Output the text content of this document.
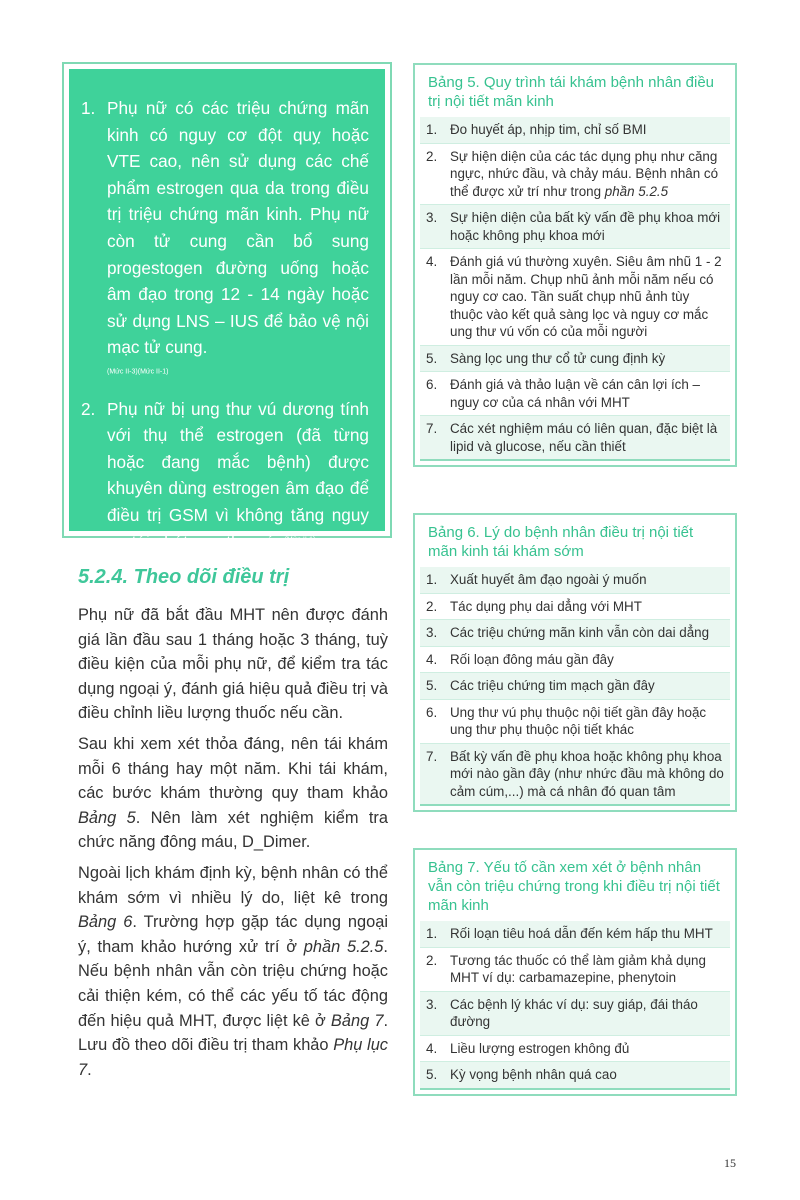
1. Phụ nữ có các triệu chứng mãn kinh có nguy cơ đột quỵ hoặc VTE cao, nên sử dụng các chế phẩm estrogen qua da trong điều trị triệu chứng mãn kinh. Phụ nữ còn tử cung cần bổ sung progestogen đường uống hoặc âm đạo trong 12 - 14 ngày hoặc sử dụng LNS – IUS để bảo vệ nội mạc tử cung.
$^{(Mức II-3)(Mức II-1)}$
2. Phụ nữ bị ung thư vú dương tính với thụ thể estrogen (đã từng hoặc đang mắc bệnh) được khuyên dùng estrogen âm đạo để điều trị GSM vì không tăng nguy cơ tái phát ung thư vú. $^{(Mức II-1)}$
5.2.4. Theo dõi điều trị

Phụ nữ đã bắt đầu MHT nên được đánh giá lần đầu sau 1 tháng hoặc 3 tháng, tuỳ điều kiện của mỗi phụ nữ, để kiểm tra tác dụng ngoại ý, đánh giá hiệu quả điều trị và điều chỉnh liều lượng thuốc nếu cần.

Sau khi xem xét thỏa đáng, nên tái khám mỗi 6 tháng hay một năm. Khi tái khám, các bước khám thường quy tham khảo Bảng 5. Nên làm xét nghiệm kiểm tra chức năng đông máu, D_Dimer.

Ngoài lịch khám định kỳ, bệnh nhân có thể khám sớm vì nhiều lý do, liệt kê trong Bảng 6. Trường hợp gặp tác dụng ngoại ý, tham khảo hướng xử trí ở phần 5.2.5. Nếu bệnh nhân vẫn còn triệu chứng hoặc cải thiện kém, có thể các yếu tố tác động đến hiệu quả MHT, được liệt kê ở Bảng 7. Lưu đồ theo dõi điều trị tham khảo Phụ lục 7.

Bảng 5. Quy trình tái khám bệnh nhân điều trị nội tiết mãn kinh
1. Đo huyết áp, nhịp tim, chỉ số BMI
2. Sự hiện diện của các tác dụng phụ như căng ngực, nhức đầu, và chảy máu. Bệnh nhân có thể được xử trí như trong phần 5.2.5
3. Sự hiện diện của bất kỳ vấn đề phụ khoa mới hoặc không phụ khoa mới
4. Đánh giá vú thường xuyên. Siêu âm nhũ 1 - 2 lần mỗi năm. Chụp nhũ ảnh mỗi năm nếu có nguy cơ cao. Tần suất chụp nhũ ảnh tùy thuộc vào kết quả sàng lọc và nguy cơ mắc ung thư vú vốn có của mỗi người
5. Sàng lọc ung thư cổ tử cung định kỳ
6. Đánh giá và thảo luận về cán cân lợi ích – nguy cơ của cá nhân với MHT
7. Các xét nghiệm máu có liên quan, đặc biệt là lipid và glucose, nếu cần thiết
Bảng 6. Lý do bệnh nhân điều trị nội tiết mãn kinh tái khám sớm
1. Xuất huyết âm đạo ngoài ý muốn
2. Tác dụng phụ dai dẳng với MHT
3. Các triệu chứng mãn kinh vẫn còn dai dẳng
4. Rối loạn đông máu gần đây
5. Các triệu chứng tim mạch gần đây
6. Ung thư vú phụ thuộc nội tiết gần đây hoặc ung thư phụ thuộc nội tiết khác
7. Bất kỳ vấn đề phụ khoa hoặc không phụ khoa mới nào gần đây (như nhức đầu mà không do cảm cúm,...) mà cá nhân đó quan tâm
Bảng 7. Yếu tố cần xem xét ở bệnh nhân vẫn còn triệu chứng trong khi điều trị nội tiết mãn kinh
1. Rối loạn tiêu hoá dẫn đến kém hấp thu MHT
2. Tương tác thuốc có thể làm giảm khả dụng MHT ví dụ: carbamazepine, phenytoin
3. Các bệnh lý khác ví dụ: suy giáp, đái tháo đường
4. Liều lượng estrogen không đủ
5. Kỳ vọng bệnh nhân quá cao
15
